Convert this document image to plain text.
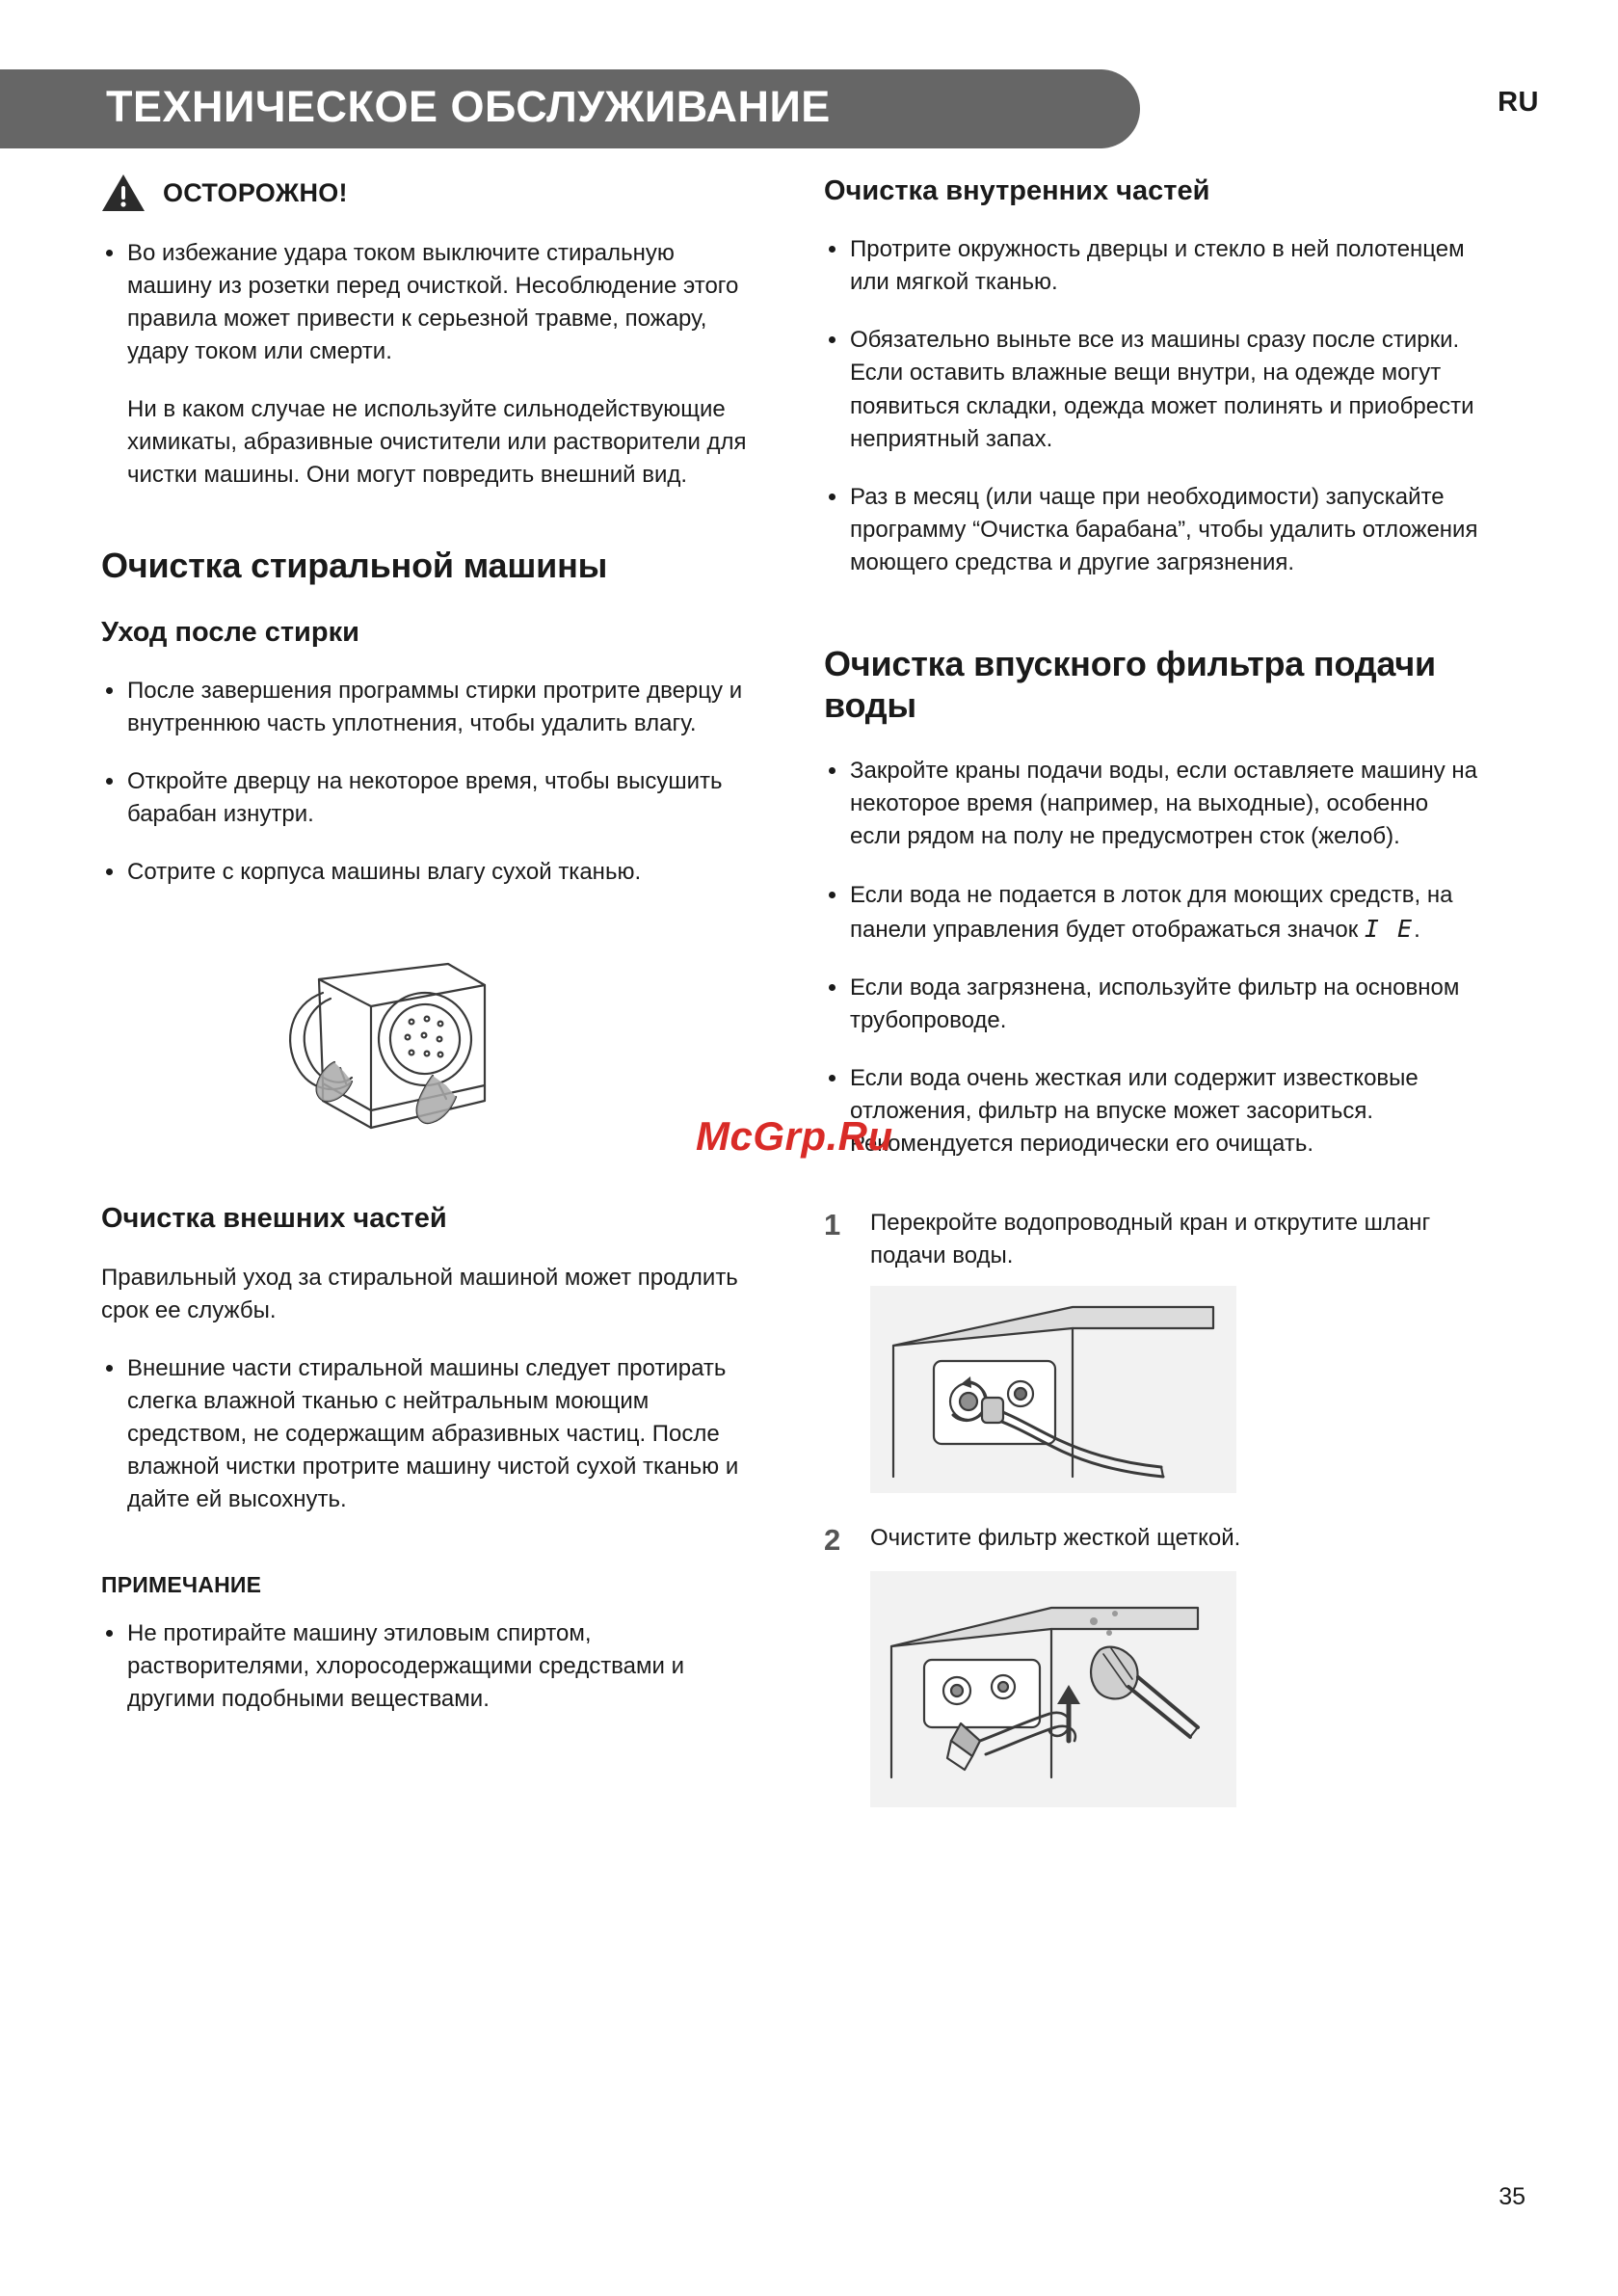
ТЕХНИЧЕСКОЕ ОБСЛУЖИВАНИЕ	RU
ОСТОРОЖНО!
Во избежание удара током выключите стиральную машину из розетки перед очисткой. Несоблюдение этого правила может привести к серьезной травме, пожару, удару током или смерти.

Ни в каком случае не используйте сильнодействующие химикаты, абразивные очистители или растворители для чистки машины. Они могут повредить внешний вид.

Очистка стиральной машины
Уход после стирки
После завершения программы стирки протрите дверцу и внутреннюю часть уплотнения, чтобы удалить влагу.
Откройте дверцу на некоторое время, чтобы высушить барабан изнутри.
Сотрите с корпуса машины влагу сухой тканью.
Очистка внешних частей

Правильный уход за стиральной машиной может продлить срок ее службы.

Внешние части стиральной машины следует протирать слегка влажной тканью с нейтральным моющим средством, не содержащим абразивных частиц. После влажной чистки протрите машину чистой сухой тканью и дайте ей высохнуть.
ПРИМЕЧАНИЕ
Не протирайте машину этиловым спиртом, растворителями, хлоросодержащими средствами и другими подобными веществами.
Очистка внутренних частей
Протрите окружность дверцы и стекло в ней полотенцем или мягкой тканью.
Обязательно выньте все из машины сразу после стирки. Если оставить влажные вещи внутри, на одежде могут появиться складки, одежда может полинять и приобрести неприятный запах.
Раз в месяц (или чаще при необходимости) запускайте программу “Очистка барабана”, чтобы удалить отложения моющего средства и другие загрязнения.
Очистка впускного фильтра подачи воды
Закройте краны подачи воды, если оставляете машину на некоторое время (например, на выходные), особенно если рядом на полу не предусмотрен сток (желоб).
Если вода не подается в лоток для моющих средств, на панели управления будет отображаться значок I E.
Если вода загрязнена, используйте фильтр на основном трубопроводе.
Если вода очень жесткая или содержит известковые отложения, фильтр на впуске может засориться. Рекомендуется периодически его очищать.
1	Перекройте водопроводный кран и открутите шланг подачи воды.
2	Очистите фильтр жесткой щеткой.
McGrp.Ru
35
